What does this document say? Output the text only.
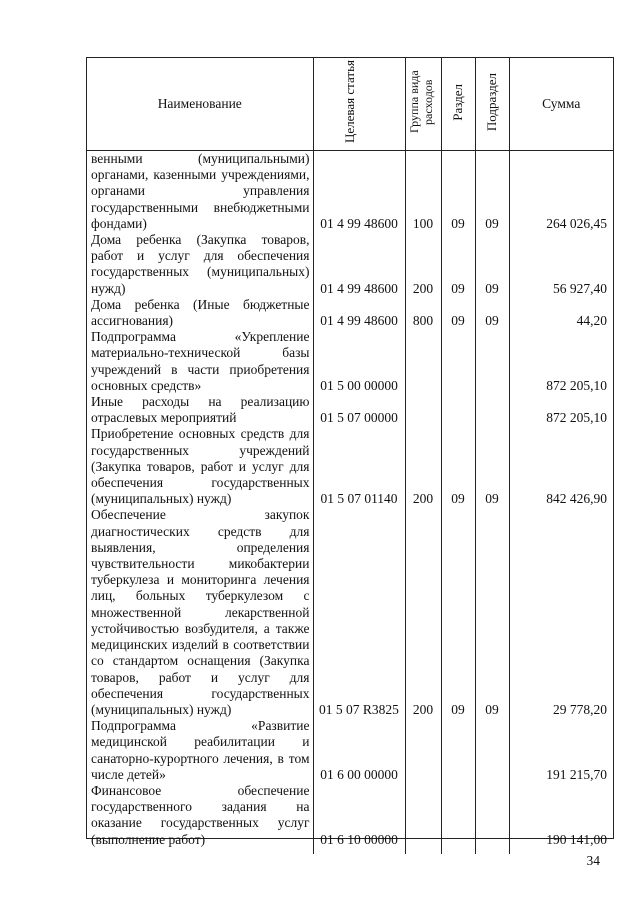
Наименование	Целевая статья	Группа вида расходов	Раздел	Подраздел	Сумма
венными (муниципальными) органами, казенными учреждениями, органами управления государственными внебюджетными фондами)	01 4 99 48600	100	09	09	264 026,45
Дома ребенка (Закупка товаров, работ и услуг для обеспечения государственных (муниципальных) нужд)	01 4 99 48600	200	09	09	56 927,40
Дома ребенка (Иные бюджетные ассигнования)	01 4 99 48600	800	09	09	44,20
Подпрограмма «Укрепление материально-технической базы учреждений в части приобретения основных средств»	01 5 00 00000				872 205,10
Иные расходы на реализацию отраслевых мероприятий	01 5 07 00000				872 205,10
Приобретение основных средств для государственных учреждений (Закупка товаров, работ и услуг для обеспечения государственных (муниципальных) нужд)	01 5 07 01140	200	09	09	842 426,90
Обеспечение закупок диагностических средств для выявления, определения чувствительности микобактерии туберкулеза и мониторинга лечения лиц, больных туберкулезом с множественной лекарственной устойчивостью возбудителя, а также медицинских изделий в соответствии со стандартом оснащения (Закупка товаров, работ и услуг для обеспечения государственных (муниципальных) нужд)	01 5 07 R3825	200	09	09	29 778,20
Подпрограмма «Развитие медицинской реабилитации и санаторно-курортного лечения, в том числе детей»	01 6 00 00000				191 215,70
Финансовое обеспечение государственного задания на оказание государственных услуг (выполнение работ)	01 6 10 00000				190 141,00

34
